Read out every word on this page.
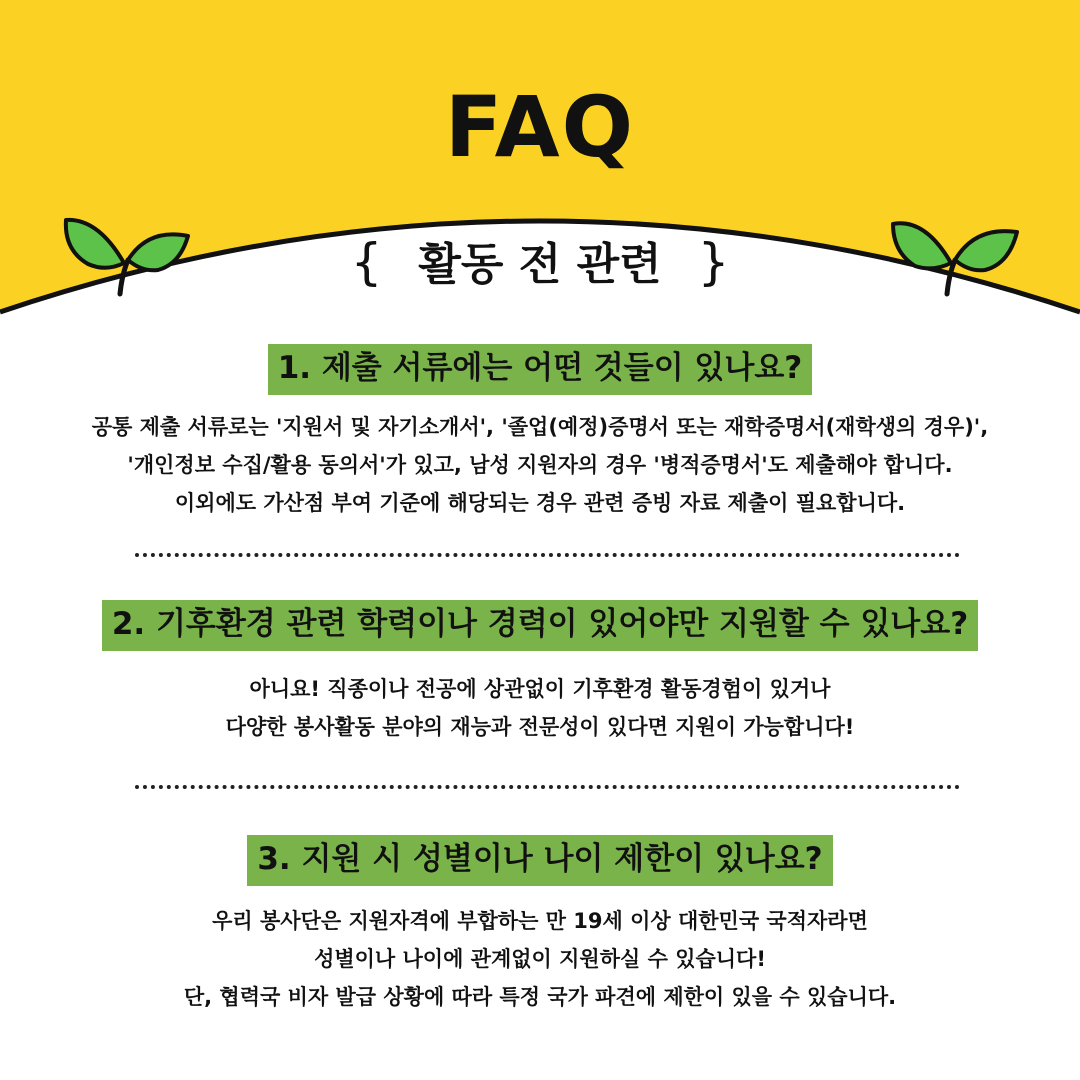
FAQ
{ 활동 전 관련 }
1. 제출 서류에는 어떤 것들이 있나요?
공통 제출 서류로는 '지원서 및 자기소개서', '졸업(예정)증명서 또는 재학증명서(재학생의 경우)',
'개인정보 수집/활용 동의서'가 있고, 남성 지원자의 경우 '병적증명서'도 제출해야 합니다.
이외에도 가산점 부여 기준에 해당되는 경우 관련 증빙 자료 제출이 필요합니다.
2. 기후환경 관련 학력이나 경력이 있어야만 지원할 수 있나요?
아니요! 직종이나 전공에 상관없이 기후환경 활동경험이 있거나
다양한 봉사활동 분야의 재능과 전문성이 있다면 지원이 가능합니다!
3. 지원 시 성별이나 나이 제한이 있나요?
우리 봉사단은 지원자격에 부합하는 만 19세 이상 대한민국 국적자라면
성별이나 나이에 관계없이 지원하실 수 있습니다!
단, 협력국 비자 발급 상황에 따라 특정 국가 파견에 제한이 있을 수 있습니다.
